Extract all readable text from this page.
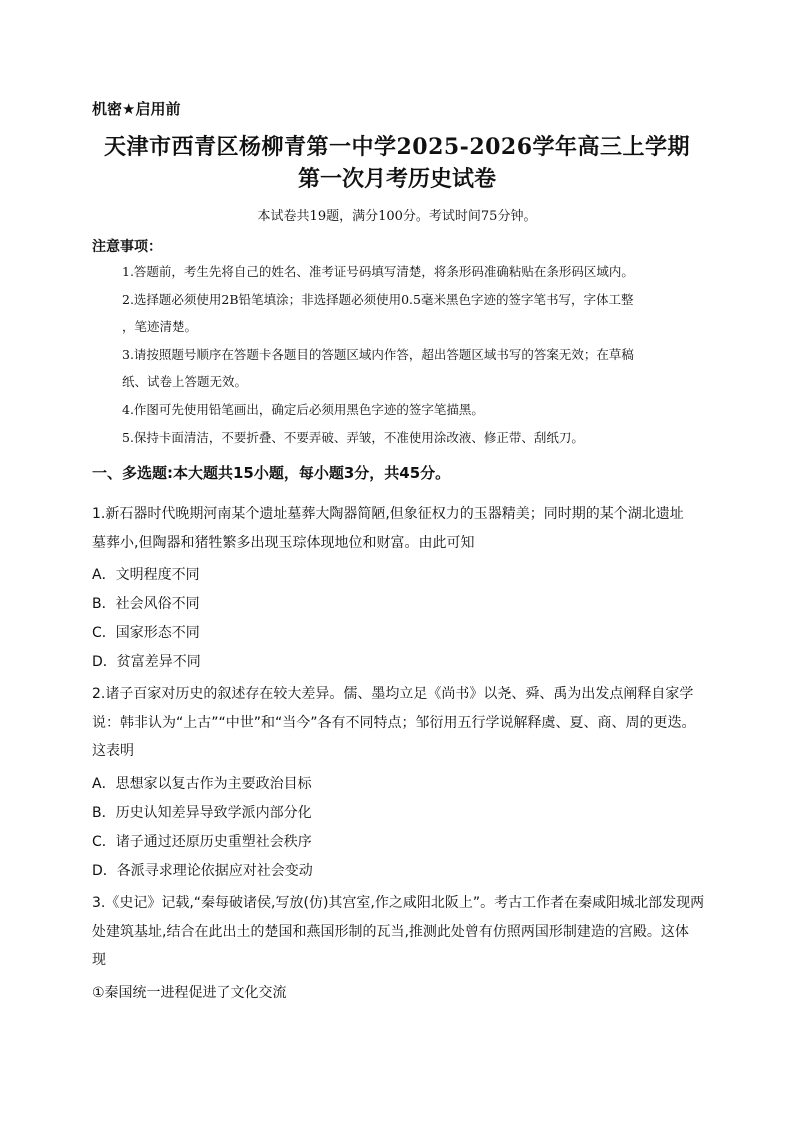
机密★启用前
天津市西青区杨柳青第一中学2025-2026学年高三上学期
第一次月考历史试卷
本试卷共19题，满分100分。考试时间75分钟。
注意事项：
1.答题前，考生先将自己的姓名、准考证号码填写清楚，将条形码准确粘贴在条形码区域内。
2.选择题必须使用2B铅笔填涂；非选择题必须使用0.5毫米黑色字迹的签字笔书写，字体工整
，笔迹清楚。
3.请按照题号顺序在答题卡各题目的答题区域内作答，超出答题区域书写的答案无效；在草稿
纸、试卷上答题无效。
4.作图可先使用铅笔画出，确定后必须用黑色字迹的签字笔描黑。
5.保持卡面清洁，不要折叠、不要弄破、弄皱，不准使用涂改液、修正带、刮纸刀。
一、多选题:本大题共15小题，每小题3分，共45分。
1.新石器时代晚期河南某个遗址墓葬大陶器简陋,但象征权力的玉器精美；同时期的某个湖北遗址
墓葬小,但陶器和猪牲繁多出现玉琮体现地位和财富。由此可知
A．文明程度不同
B．社会风俗不同
C．国家形态不同
D．贫富差异不同
2.诸子百家对历史的叙述存在较大差异。儒、墨均立足《尚书》以尧、舜、禹为出发点阐释自家学
说：韩非认为“上古”“中世”和“当今”各有不同特点；邹衍用五行学说解释虞、夏、商、周的更迭。
这表明
A．思想家以复古作为主要政治目标
B．历史认知差异导致学派内部分化
C．诸子通过还原历史重塑社会秩序
D．各派寻求理论依据应对社会变动
3.《史记》记载,“秦每破诸侯,写放(仿)其宫室,作之咸阳北阪上”。考古工作者在秦咸阳城北部发现两
处建筑基址,结合在此出土的楚国和燕国形制的瓦当,推测此处曾有仿照两国形制建造的宫殿。这体
现
①秦国统一进程促进了文化交流
